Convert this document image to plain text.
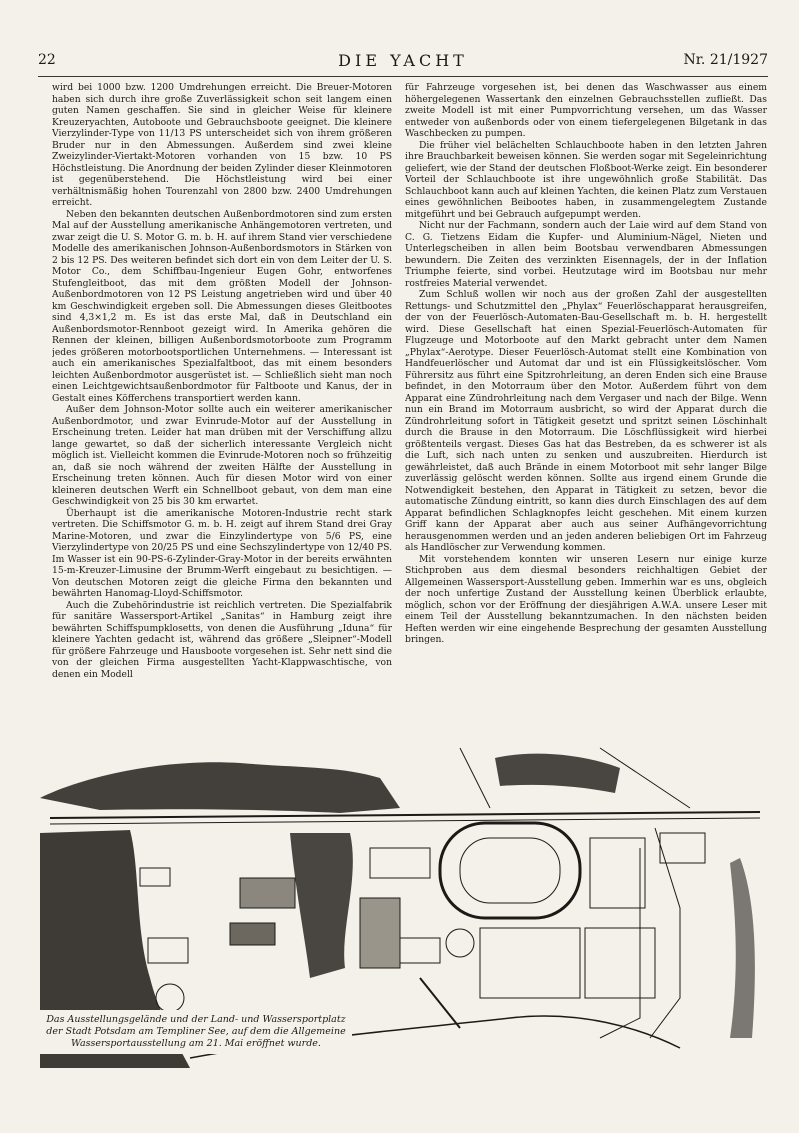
22	DIE YACHT	Nr. 21/1927

wird bei 1000 bzw. 1200 Umdrehungen erreicht. Die Breuer-Motoren haben sich durch ihre große Zuverlässigkeit schon seit langem einen guten Namen geschaffen. Sie sind in gleicher Weise für kleinere Kreuzeryachten, Autoboote und Gebrauchsboote geeignet. Die kleinere Vierzylinder-Type von 11/13 PS unterscheidet sich von ihrem größeren Bruder nur in den Abmessungen. Außerdem sind zwei kleine Zweizylinder-Viertakt-Motoren vorhanden von 15 bzw. 10 PS Höchstleistung. Die Anordnung der beiden Zylinder dieser Kleinmotoren ist gegenüberstehend. Die Höchstleistung wird bei einer verhältnismäßig hohen Tourenzahl von 2800 bzw. 2400 Umdrehungen erreicht.

Neben den bekannten deutschen Außenbordmotoren sind zum ersten Mal auf der Ausstellung amerikanische Anhängemotoren vertreten, und zwar zeigt die U. S. Motor G. m. b. H. auf ihrem Stand vier verschiedene Modelle des amerikanischen Johnson-Außenbordsmotors in Stärken von 2 bis 12 PS. Des weiteren befindet sich dort ein von dem Leiter der U. S. Motor Co., dem Schiffbau-Ingenieur Eugen Gohr, entworfenes Stufengleitboot, das mit dem größten Modell der Johnson-Außenbordmotoren von 12 PS Leistung angetrieben wird und über 40 km Geschwindigkeit ergeben soll. Die Abmessungen dieses Gleitbootes sind 4,3×1,2 m. Es ist das erste Mal, daß in Deutschland ein Außenbordsmotor-Rennboot gezeigt wird. In Amerika gehören die Rennen der kleinen, billigen Außenbordsmotorboote zum Programm jedes größeren motorbootsportlichen Unternehmens. — Interessant ist auch ein amerikanisches Spezialfaltboot, das mit einem besonders leichten Außenbordmotor ausgerüstet ist. — Schließlich sieht man noch einen Leichtgewichtsaußenbordmotor für Faltboote und Kanus, der in Gestalt eines Köfferchens transportiert werden kann.

Außer dem Johnson-Motor sollte auch ein weiterer amerikanischer Außenbordmotor, und zwar Evinrude-Motor auf der Ausstellung in Erscheinung treten. Leider hat man drüben mit der Verschiffung allzu lange gewartet, so daß der sicherlich interessante Vergleich nicht möglich ist. Vielleicht kommen die Evinrude-Motoren noch so frühzeitig an, daß sie noch während der zweiten Hälfte der Ausstellung in Erscheinung treten können. Auch für diesen Motor wird von einer kleineren deutschen Werft ein Schnellboot gebaut, von dem man eine Geschwindigkeit von 25 bis 30 km erwartet.

Überhaupt ist die amerikanische Motoren-Industrie recht stark vertreten. Die Schiffsmotor G. m. b. H. zeigt auf ihrem Stand drei Gray Marine-Motoren, und zwar die Einzylindertype von 5/6 PS, eine Vierzylindertype von 20/25 PS und eine Sechszylindertype von 12/40 PS. Im Wasser ist ein 90-PS-6-Zylinder-Gray-Motor in der bereits erwähnten 15-m-Kreuzer-Limusine der Brumm-Werft eingebaut zu besichtigen. — Von deutschen Motoren zeigt die gleiche Firma den bekannten und bewährten Hanomag-Lloyd-Schiffsmotor.

Auch die Zubehörindustrie ist reichlich vertreten. Die Spezialfabrik für sanitäre Wassersport-Artikel „Sanitas“ in Hamburg zeigt ihre bewährten Schiffspumpklosetts, von denen die Ausführung „Iduna“ für kleinere Yachten gedacht ist, während das größere „Sleipner“-Modell für größere Fahrzeuge und Hausboote vorgesehen ist. Sehr nett sind die von der gleichen Firma ausgestellten Yacht-Klappwaschtische, von denen ein Modell

für Fahrzeuge vorgesehen ist, bei denen das Waschwasser aus einem höhergelegenen Wassertank den einzelnen Gebrauchsstellen zufließt. Das zweite Modell ist mit einer Pumpvorrichtung versehen, um das Wasser entweder von außenbords oder von einem tiefergelegenen Bilgetank in das Waschbecken zu pumpen.

Die früher viel belächelten Schlauchboote haben in den letzten Jahren ihre Brauchbarkeit beweisen können. Sie werden sogar mit Segeleinrichtung geliefert, wie der Stand der deutschen Floßboot-Werke zeigt. Ein besonderer Vorteil der Schlauchboote ist ihre ungewöhnlich große Stabilität. Das Schlauchboot kann auch auf kleinen Yachten, die keinen Platz zum Verstauen eines gewöhnlichen Beibootes haben, in zusammengelegtem Zustande mitgeführt und bei Gebrauch aufgepumpt werden.

Nicht nur der Fachmann, sondern auch der Laie wird auf dem Stand von C. G. Tietzens Eidam die Kupfer- und Aluminium-Nägel, Nieten und Unterlegscheiben in allen beim Bootsbau verwendbaren Abmessungen bewundern. Die Zeiten des verzinkten Eisennagels, der in der Inflation Triumphe feierte, sind vorbei. Heutzutage wird im Bootsbau nur mehr rostfreies Material verwendet.

Zum Schluß wollen wir noch aus der großen Zahl der ausgestellten Rettungs- und Schutzmittel den „Phylax“ Feuerlöschapparat herausgreifen, der von der Feuerlösch-Automaten-Bau-Gesellschaft m. b. H. hergestellt wird. Diese Gesellschaft hat einen Spezial-Feuerlösch-Automaten für Flugzeuge und Motorboote auf den Markt gebracht unter dem Namen „Phylax“-Aerotype. Dieser Feuerlösch-Automat stellt eine Kombination von Handfeuerlöscher und Automat dar und ist ein Flüssigkeitslöscher. Vom Führersitz aus führt eine Spitzrohrleitung, an deren Enden sich eine Brause befindet, in den Motorraum über den Motor. Außerdem führt von dem Apparat eine Zündrohrleitung nach dem Vergaser und nach der Bilge. Wenn nun ein Brand im Motorraum ausbricht, so wird der Apparat durch die Zündrohrleitung sofort in Tätigkeit gesetzt und spritzt seinen Löschinhalt durch die Brause in den Motorraum. Die Löschflüssigkeit wird hierbei größtenteils vergast. Dieses Gas hat das Bestreben, da es schwerer ist als die Luft, sich nach unten zu senken und auszubreiten. Hierdurch ist gewährleistet, daß auch Brände in einem Motorboot mit sehr langer Bilge zuverlässig gelöscht werden können. Sollte aus irgend einem Grunde die Notwendigkeit bestehen, den Apparat in Tätigkeit zu setzen, bevor die automatische Zündung eintritt, so kann dies durch Einschlagen des auf dem Apparat befindlichen Schlagknopfes leicht geschehen. Mit einem kurzen Griff kann der Apparat aber auch aus seiner Aufhängevorrichtung herausgenommen werden und an jeden anderen beliebigen Ort im Fahrzeug als Handlöscher zur Verwendung kommen.

Mit vorstehendem konnten wir unseren Lesern nur einige kurze Stichproben aus dem diesmal besonders reichhaltigen Gebiet der Allgemeinen Wassersport-Ausstellung geben. Immerhin war es uns, obgleich der noch unfertige Zustand der Ausstellung keinen Überblick erlaubte, möglich, schon vor der Eröffnung der diesjährigen A.W.A. unsere Leser mit einem Teil der Ausstellung bekanntzumachen. In den nächsten beiden Heften werden wir eine eingehende Besprechung der gesamten Ausstellung bringen.

Das Ausstellungsgelände und der Land- und Wassersportplatz der Stadt Potsdam am Templiner See, auf dem die Allgemeine Wassersportausstellung am 21. Mai eröffnet wurde.
